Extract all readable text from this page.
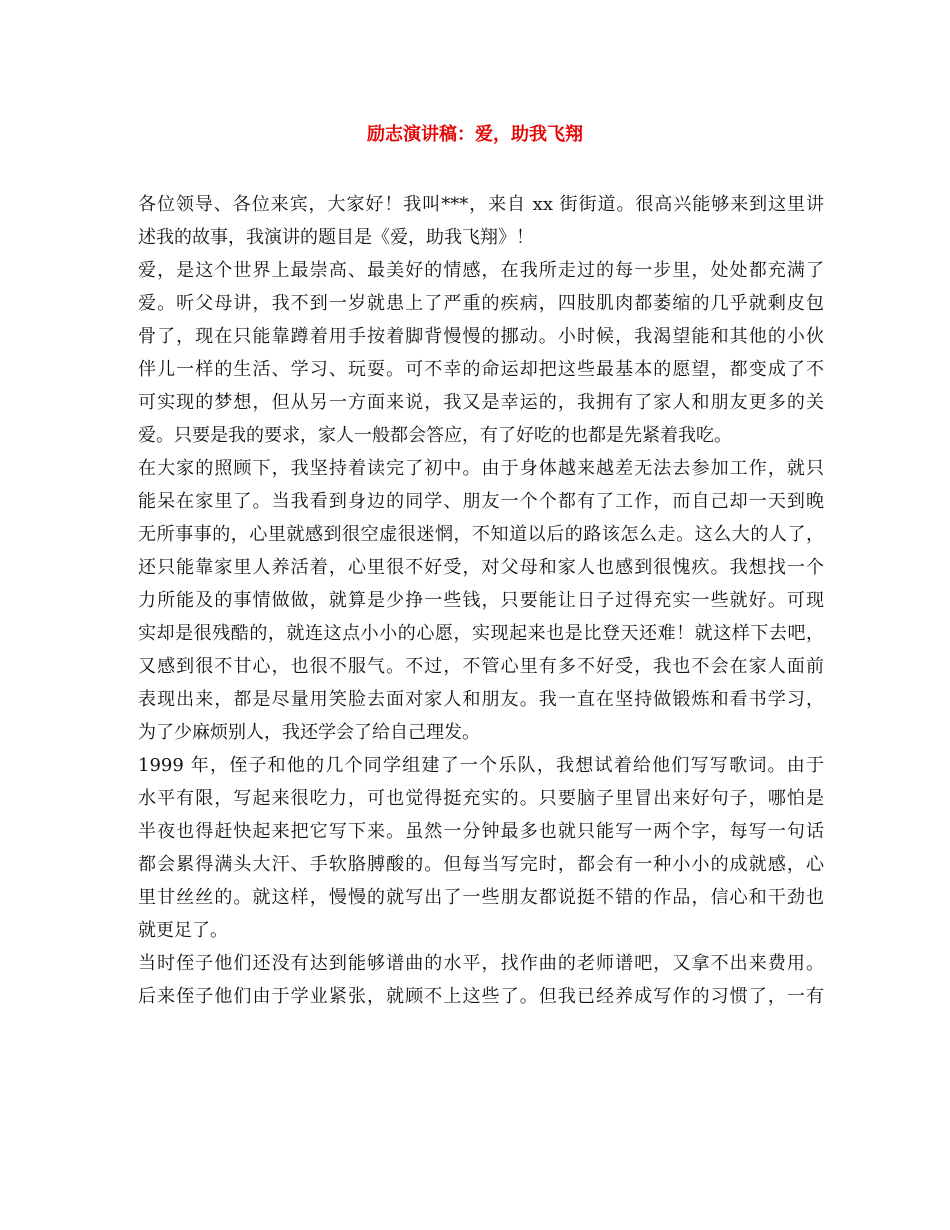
励志演讲稿：爱，助我飞翔
各位领导、各位来宾，大家好！我叫***，来自 xx 街街道。很高兴能够来到这里讲
述我的故事，我演讲的题目是《爱，助我飞翔》！
爱，是这个世界上最崇高、最美好的情感，在我所走过的每一步里，处处都充满了
爱。听父母讲，我不到一岁就患上了严重的疾病，四肢肌肉都萎缩的几乎就剩皮包
骨了，现在只能靠蹲着用手按着脚背慢慢的挪动。小时候，我渴望能和其他的小伙
伴儿一样的生活、学习、玩耍。可不幸的命运却把这些最基本的愿望，都变成了不
可实现的梦想，但从另一方面来说，我又是幸运的，我拥有了家人和朋友更多的关
爱。只要是我的要求，家人一般都会答应，有了好吃的也都是先紧着我吃。
在大家的照顾下，我坚持着读完了初中。由于身体越来越差无法去参加工作，就只
能呆在家里了。当我看到身边的同学、朋友一个个都有了工作，而自己却一天到晚
无所事事的，心里就感到很空虚很迷惘，不知道以后的路该怎么走。这么大的人了，
还只能靠家里人养活着，心里很不好受，对父母和家人也感到很愧疚。我想找一个
力所能及的事情做做，就算是少挣一些钱，只要能让日子过得充实一些就好。可现
实却是很残酷的，就连这点小小的心愿，实现起来也是比登天还难！就这样下去吧，
又感到很不甘心，也很不服气。不过，不管心里有多不好受，我也不会在家人面前
表现出来，都是尽量用笑脸去面对家人和朋友。我一直在坚持做锻炼和看书学习，
为了少麻烦别人，我还学会了给自己理发。
1999 年，侄子和他的几个同学组建了一个乐队，我想试着给他们写写歌词。由于
水平有限，写起来很吃力，可也觉得挺充实的。只要脑子里冒出来好句子，哪怕是
半夜也得赶快起来把它写下来。虽然一分钟最多也就只能写一两个字，每写一句话
都会累得满头大汗、手软胳膊酸的。但每当写完时，都会有一种小小的成就感，心
里甘丝丝的。就这样，慢慢的就写出了一些朋友都说挺不错的作品，信心和干劲也
就更足了。
当时侄子他们还没有达到能够谱曲的水平，找作曲的老师谱吧，又拿不出来费用。
后来侄子他们由于学业紧张，就顾不上这些了。但我已经养成写作的习惯了，一有
